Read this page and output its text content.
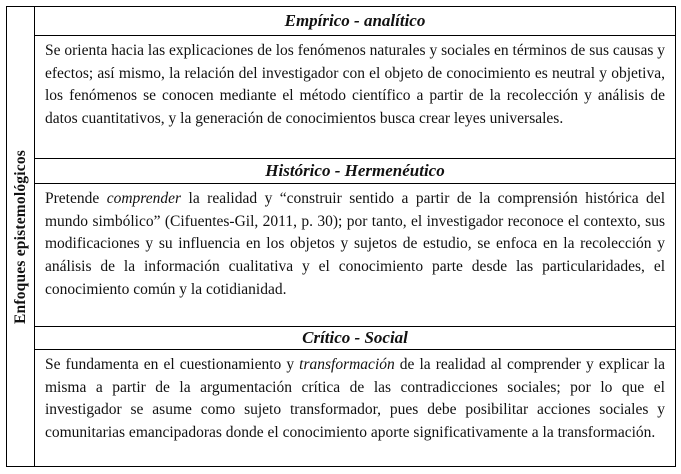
Enfoques epistemológicos
Empírico - analítico
Se orienta hacia las explicaciones de los fenómenos naturales y sociales en términos de sus causas y efectos; así mismo, la relación del investigador con el objeto de conocimiento es neutral y objetiva, los fenómenos se conocen mediante el método científico a partir de la recolección y análisis de datos cuantitativos, y la generación de conocimientos busca crear leyes universales.
Histórico - Hermenéutico
Pretende comprender la realidad y “construir sentido a partir de la comprensión histórica del mundo simbólico” (Cifuentes-Gil, 2011, p. 30); por tanto, el investigador reconoce el contexto, sus modificaciones y su influencia en los objetos y sujetos de estudio, se enfoca en la recolección y análisis de la información cualitativa y el conocimiento parte desde las particularidades, el conocimiento común y la cotidianidad.
Crítico - Social
Se fundamenta en el cuestionamiento y transformación de la realidad al comprender y explicar la misma a partir de la argumentación crítica de las contradicciones sociales; por lo que el investigador se asume como sujeto transformador, pues debe posibilitar acciones sociales y comunitarias emancipadoras donde el conocimiento aporte significativamente a la transformación.
